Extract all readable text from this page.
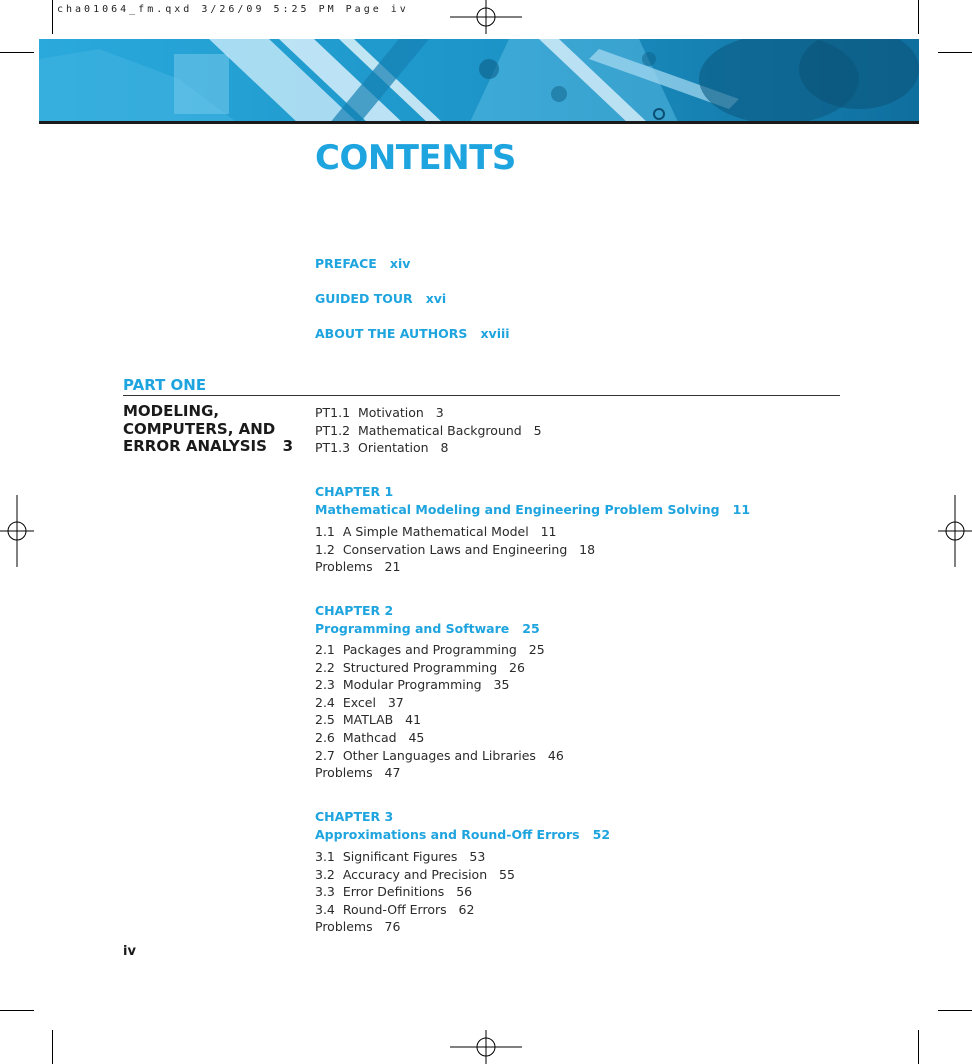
cha01064_fm.qxd 3/26/09 5:25 PM Page iv
CONTENTS
PREFACE xiv
GUIDED TOUR xvi
ABOUT THE AUTHORS xviii
PART ONE
MODELING,
COMPUTERS, AND
ERROR ANALYSIS   3
PT1.1  Motivation   3
PT1.2  Mathematical Background   5
PT1.3  Orientation   8
CHAPTER 1
Mathematical Modeling and Engineering Problem Solving   11
1.1  A Simple Mathematical Model   11
1.2  Conservation Laws and Engineering   18
Problems   21
CHAPTER 2
Programming and Software   25
2.1  Packages and Programming   25
2.2  Structured Programming   26
2.3  Modular Programming   35
2.4  Excel   37
2.5  MATLAB   41
2.6  Mathcad   45
2.7  Other Languages and Libraries   46
Problems   47
CHAPTER 3
Approximations and Round-Off Errors   52
3.1  Significant Figures   53
3.2  Accuracy and Precision   55
3.3  Error Definitions   56
3.4  Round-Off Errors   62
Problems   76
iv
